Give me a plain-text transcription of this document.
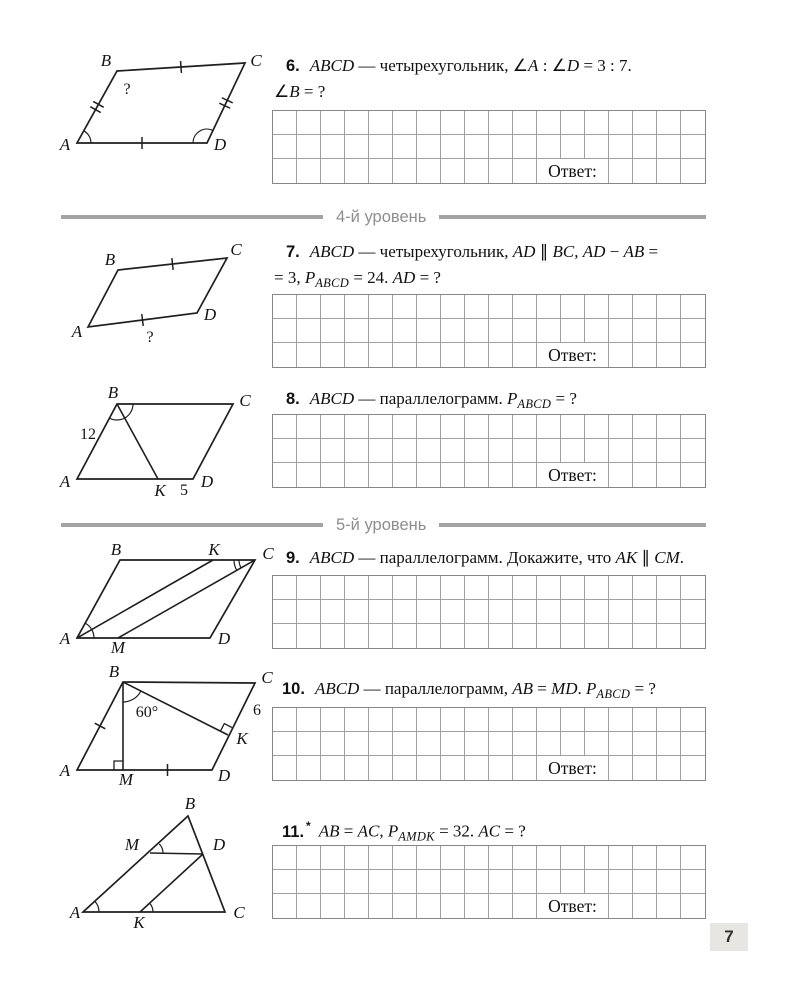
A
B	C
D
?
6. ABCD — четырехугольник, ∠A : ∠D = 3 : 7.
∠B = ?
Ответ:
4-й уровень
A
B
C
D
?
7. ABCD — четырехугольник, AD ∥ BC, AD − AB =
= 3, $P_{ABCD} = 24$. AD = ?
Ответ:
A
B	C
D
K 5
12
8. ABCD — параллелограмм. $P_{ABCD}$ = ?
Ответ:
5-й уровень
A
B	K	C
M	D
9. ABCD — параллелограмм. Докажите, что AK ∥ CM.
A
B	C
M	D
K
60°	6
10. ABCD — параллелограмм, AB = MD. $P_{ABCD}$ = ?
Ответ:
A
B
M	D
K
C
11. * AB = AC, $P_{AMDK} = 32$. AC = ?
Ответ:
7
